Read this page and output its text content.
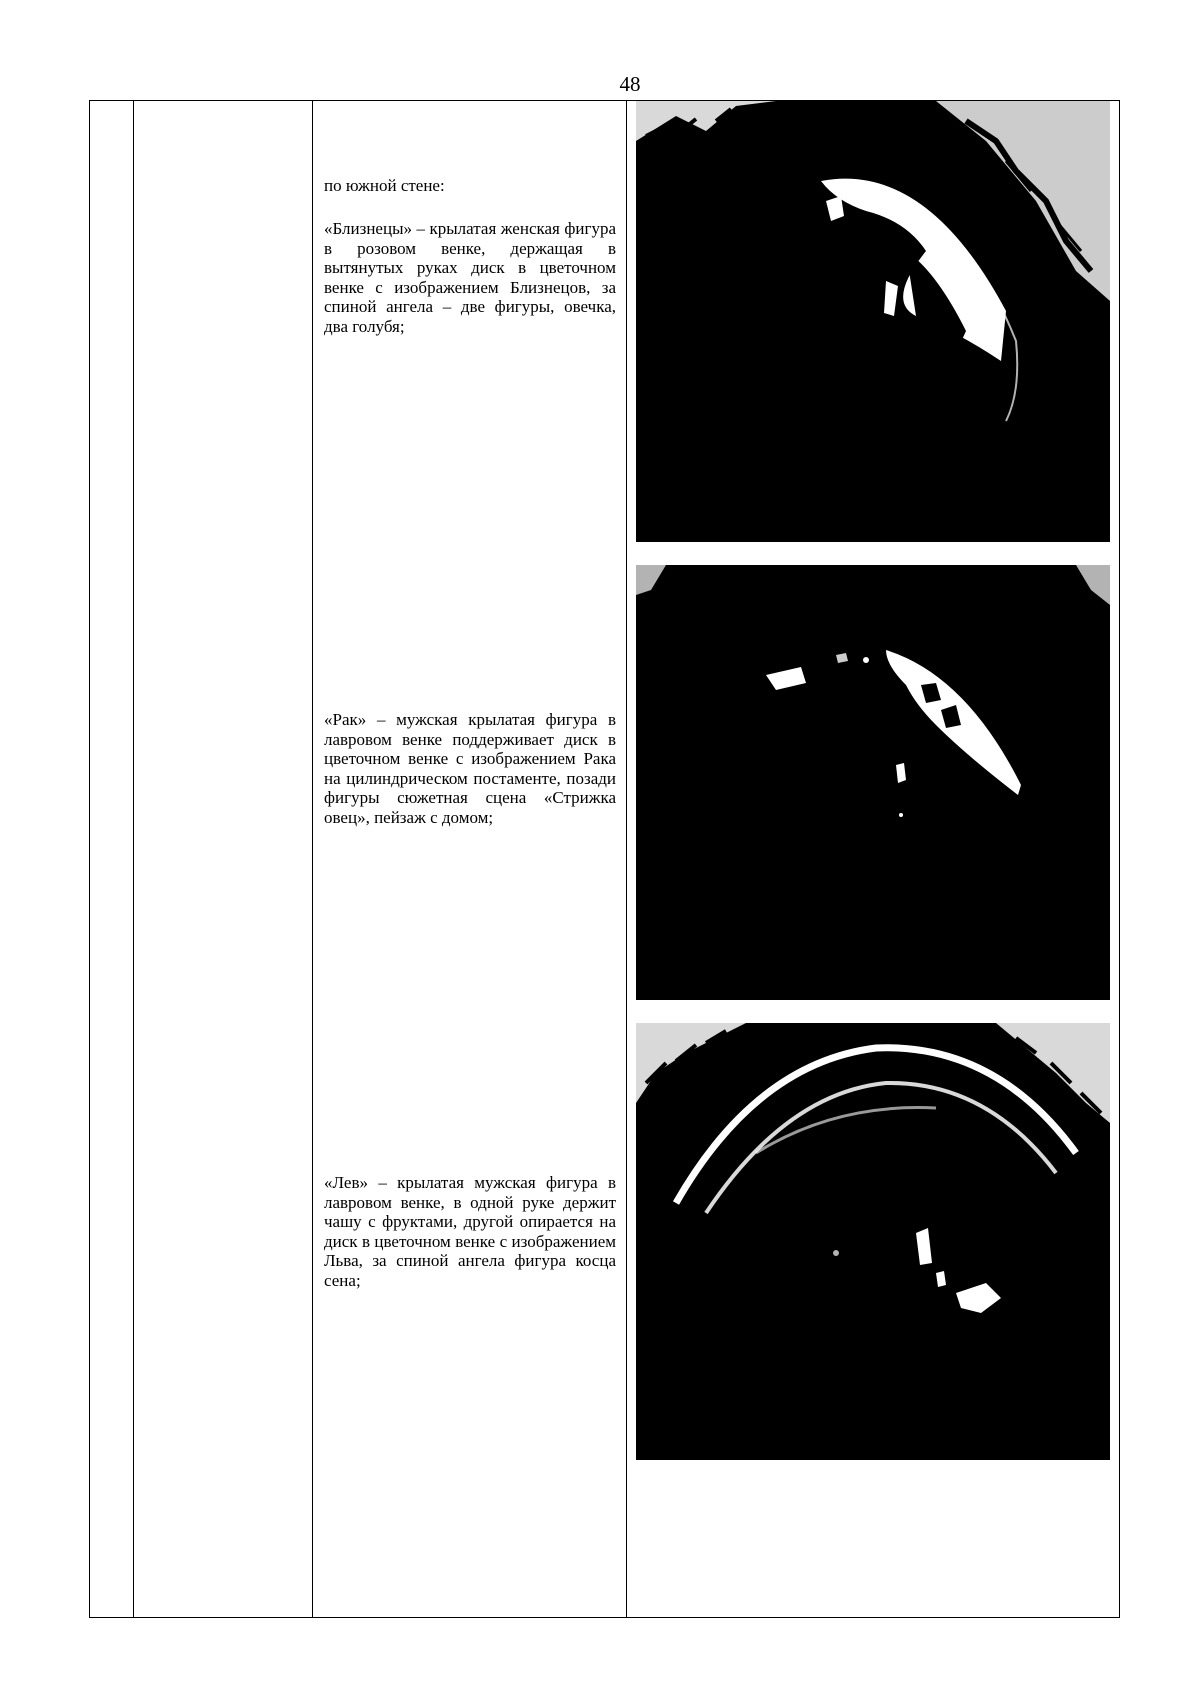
48
по южной стене:
«Близнецы» – крылатая женская фигура в розовом венке, держащая в вытянутых руках диск в цветочном венке с изображением Близнецов, за спиной ангела – две фигуры, овечка, два голубя;
«Рак» – мужская крылатая фигура в лавровом венке поддерживает диск в цветочном венке с изображением Рака на цилиндрическом постаменте, позади фигуры сюжетная сцена «Стрижка овец», пейзаж с домом;
«Лев» – крылатая мужская фигура в лавровом венке, в одной руке держит чашу с фруктами, другой опирается на диск в цветочном венке с изображением Льва, за спиной ангела фигура косца сена;
